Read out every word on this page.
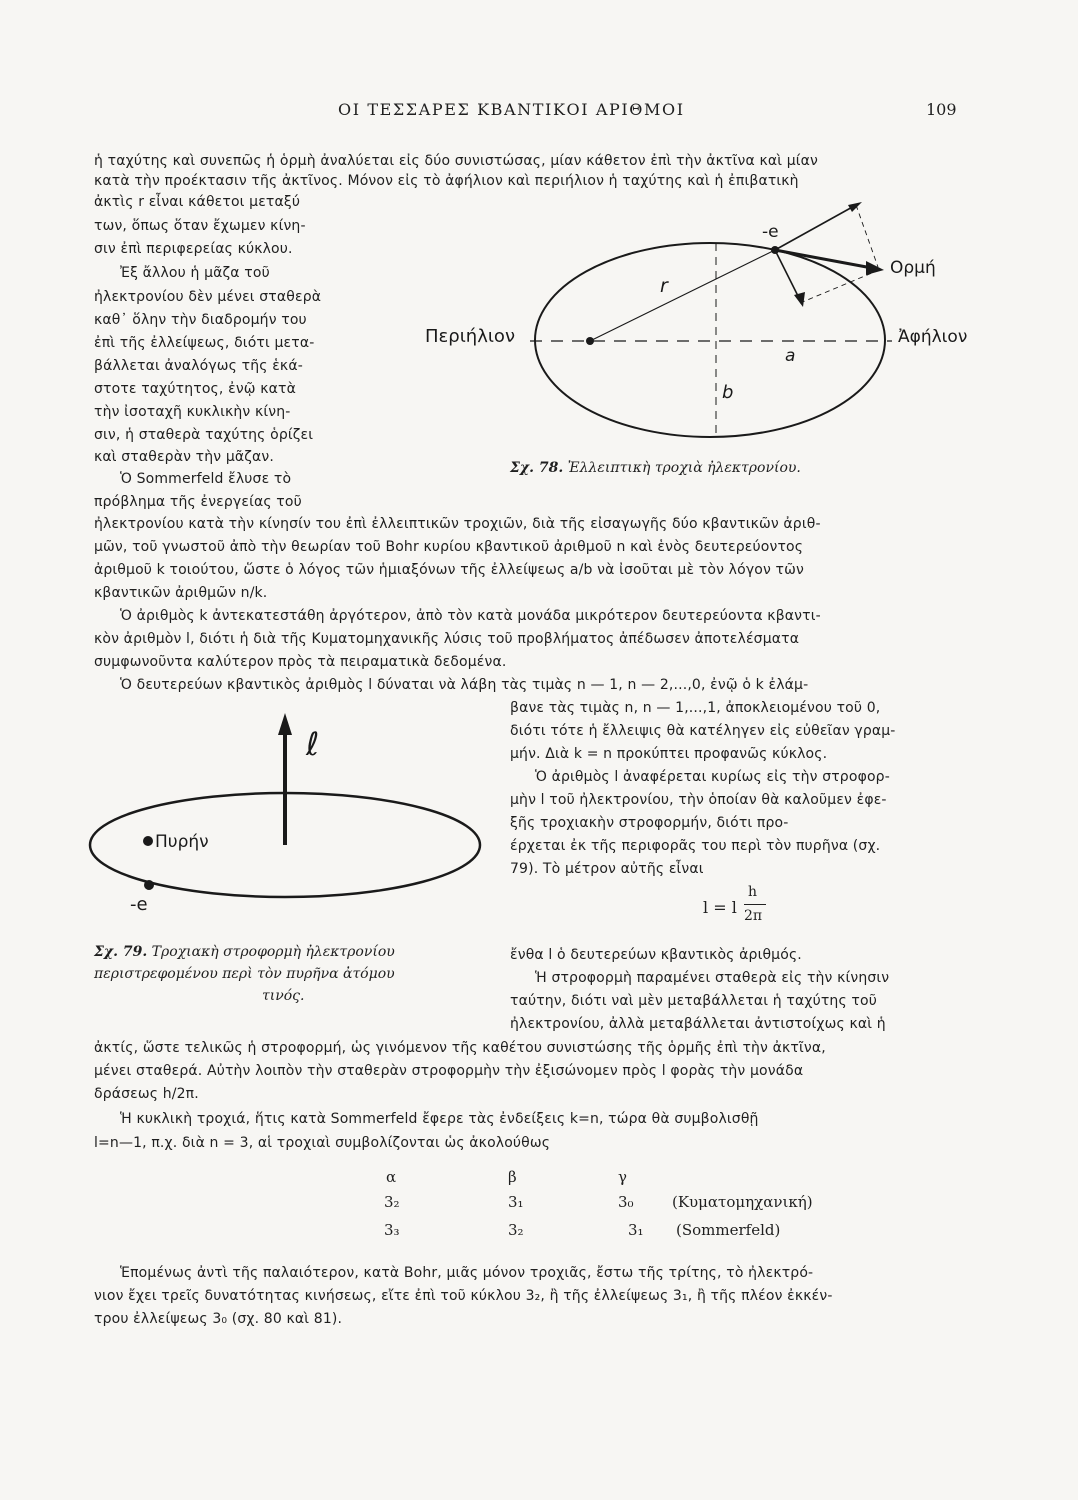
ΟΙ ΤΕΣΣΑΡΕΣ ΚΒΑΝΤΙΚΟΙ ΑΡΙΘΜΟΙ	109
ἡ ταχύτης καὶ συνεπῶς ἡ ὁρμὴ ἀναλύεται εἰς δύο συνιστώσας, μίαν κάθετον ἐπὶ τὴν ἀκτῖνα καὶ μίαν
κατὰ τὴν προέκτασιν τῆς ἀκτῖνος. Μόνον εἰς τὸ ἀφήλιον καὶ περιήλιον ἡ ταχύτης καὶ ἡ ἐπιβατικὴ
ἀκτὶς r εἶναι κάθετοι μεταξύ
των, ὅπως ὅταν ἔχωμεν κίνη-
σιν ἐπὶ περιφερείας κύκλου.
Ἐξ ἄλλου ἡ μᾶζα τοῦ
ἠλεκτρονίου δὲν μένει σταθερὰ
καθ᾽ ὅλην τὴν διαδρομήν του
ἐπὶ τῆς ἐλλείψεως, διότι μετα-
βάλλεται ἀναλόγως τῆς ἑκά-
στοτε ταχύτητος, ἐνῷ κατὰ
τὴν ἰσοταχῆ κυκλικὴν κίνη-
σιν, ἡ σταθερὰ ταχύτης ὁρίζει
καὶ σταθερὰν τὴν μᾶζαν.
Ὁ Sommerfeld ἔλυσε τὸ
πρόβλημα τῆς ἐνεργείας τοῦ
ἠλεκτρονίου κατὰ τὴν κίνησίν του ἐπὶ ἐλλειπτικῶν τροχιῶν, διὰ τῆς εἰσαγωγῆς δύο κβαντικῶν ἀριθ-
μῶν, τοῦ γνωστοῦ ἀπὸ τὴν θεωρίαν τοῦ Bohr κυρίου κβαντικοῦ ἀριθμοῦ n καὶ ἑνὸς δευτερεύοντος
ἀριθμοῦ k τοιούτου, ὥστε ὁ λόγος τῶν ἡμιαξόνων τῆς ἐλλείψεως a/b νὰ ἰσοῦται μὲ τὸν λόγον τῶν
κβαντικῶν ἀριθμῶν n/k.
Ὁ ἀριθμὸς k ἀντεκατεστάθη ἀργότερον, ἀπὸ τὸν κατὰ μονάδα μικρότερον δευτερεύοντα κβαντι-
κὸν ἀριθμὸν l, διότι ἡ διὰ τῆς Κυματομηχανικῆς λύσις τοῦ προβλήματος ἀπέδωσεν ἀποτελέσματα
συμφωνοῦντα καλύτερον πρὸς τὰ πειραματικὰ δεδομένα.
Ὁ δευτερεύων κβαντικὸς ἀριθμὸς l δύναται νὰ λάβη τὰς τιμὰς n — 1, n — 2,...,0, ἐνῷ ὁ k ἐλάμ-
βανε τὰς τιμὰς n, n — 1,...,1, ἀποκλειομένου τοῦ 0,
διότι τότε ἡ ἔλλειψις θὰ κατέληγεν εἰς εὐθεῖαν γραμ-
μήν. Διὰ k = n προκύπτει προφανῶς κύκλος.
Ὁ ἀριθμὸς l ἀναφέρεται κυρίως εἰς τὴν στροφορ-
μὴν l τοῦ ἠλεκτρονίου, τὴν ὁποίαν θὰ καλοῦμεν ἐφε-
ξῆς τροχιακὴν στροφορμήν, διότι προ-
έρχεται ἐκ τῆς περιφορᾶς του περὶ τὸν πυρῆνα (σχ.
79). Τὸ μέτρον αὐτῆς εἶναι
l = l
h
2π
ἔνθα l ὁ δευτερεύων κβαντικὸς ἀριθμός.
Ἡ στροφορμὴ παραμένει σταθερὰ εἰς τὴν κίνησιν
ταύτην, διότι ναὶ μὲν μεταβάλλεται ἡ ταχύτης τοῦ
ἠλεκτρονίου, ἀλλὰ μεταβάλλεται ἀντιστοίχως καὶ ἡ
ἀκτίς, ὥστε τελικῶς ἡ στροφορμή, ὡς γινόμενον τῆς καθέτου συνιστώσης τῆς ὁρμῆς ἐπὶ τὴν ἀκτῖνα,
μένει σταθερά. Αὐτὴν λοιπὸν τὴν σταθερὰν στροφορμὴν τὴν ἐξισώνομεν πρὸς l φορὰς τὴν μονάδα
δράσεως h/2π.
Ἡ κυκλικὴ τροχιά, ἥτις κατὰ Sommerfeld ἔφερε τὰς ἐνδείξεις k=n, τώρα θὰ συμβολισθῇ
l=n—1, π.χ. διὰ n = 3, αἱ τροχιαὶ συμβολίζονται ὡς ἀκολούθως
α	β	γ
3₂	3₁	3₀	(Κυματομηχανική)
3₃	3₂	3₁ (Sommerfeld)
Ἑπομένως ἀντὶ τῆς παλαιότερον, κατὰ Bohr, μιᾶς μόνον τροχιᾶς, ἔστω τῆς τρίτης, τὸ ἠλεκτρό-
νιον ἔχει τρεῖς δυνατότητας κινήσεως, εἴτε ἐπὶ τοῦ κύκλου 3₂, ἢ τῆς ἐλλείψεως 3₁, ἢ τῆς πλέον ἐκκέν-
τρου ἐλλείψεως 3₀ (σχ. 80 καὶ 81).
-e
Ορμή
r
Περιήλιον	Ἀφήλιον
a
b
Σχ. 78. Ἐλλειπτικὴ τροχιὰ ἠλεκτρονίου.
ℓ
Πυρήν
-e
Σχ. 79. Τροχιακὴ στροφορμὴ ἠλεκτρονίου
περιστρεφομένου περὶ τὸν πυρῆνα ἀτόμου
τινός.
